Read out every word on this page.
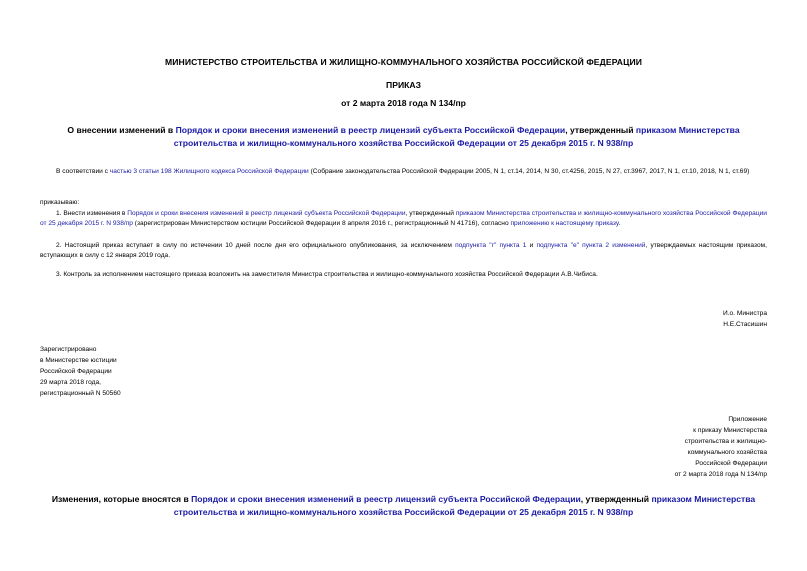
МИНИСТЕРСТВО СТРОИТЕЛЬСТВА И ЖИЛИЩНО-КОММУНАЛЬНОГО ХОЗЯЙСТВА РОССИЙСКОЙ ФЕДЕРАЦИИ
ПРИКАЗ
от 2 марта 2018 года N 134/пр
О внесении изменений в Порядок и сроки внесения изменений в реестр лицензий субъекта Российской Федерации, утвержденный приказом Министерства строительства и жилищно-коммунального хозяйства Российской Федерации от 25 декабря 2015 г. N 938/пр
В соответствии с частью 3 статьи 198 Жилищного кодекса Российской Федерации (Собрание законодательства Российской Федерации 2005, N 1, ст.14, 2014, N 30, ст.4256, 2015, N 27, ст.3967, 2017, N 1, ст.10, 2018, N 1, ст.69)
приказываю:
1. Внести изменения в Порядок и сроки внесения изменений в реестр лицензий субъекта Российской Федерации, утвержденный приказом Министерства строительства и жилищно-коммунального хозяйства Российской Федерации от 25 декабря 2015 г. N 938/пр (зарегистрирован Министерством юстиции Российской Федерации 8 апреля 2016 г., регистрационный N 41716), согласно приложению к настоящему приказу.
2. Настоящий приказ вступает в силу по истечении 10 дней после дня его официального опубликования, за исключением подпункта "г" пункта 1 и подпункта "е" пункта 2 изменений, утверждаемых настоящим приказом, вступающих в силу с 12 января 2019 года.
3. Контроль за исполнением настоящего приказа возложить на заместителя Министра строительства и жилищно-коммунального хозяйства Российской Федерации А.В.Чибиса.
И.о. Министра
Н.Е.Стасишин
Зарегистрировано
в Министерстве юстиции
Российской Федерации
29 марта 2018 года,
регистрационный N 50560
Приложение
к приказу Министерства
строительства и жилищно-
коммунального хозяйства
Российской Федерации
от 2 марта 2018 года N 134/пр
Изменения, которые вносятся в Порядок и сроки внесения изменений в реестр лицензий субъекта Российской Федерации, утвержденный приказом Министерства строительства и жилищно-коммунального хозяйства Российской Федерации от 25 декабря 2015 г. N 938/пр
